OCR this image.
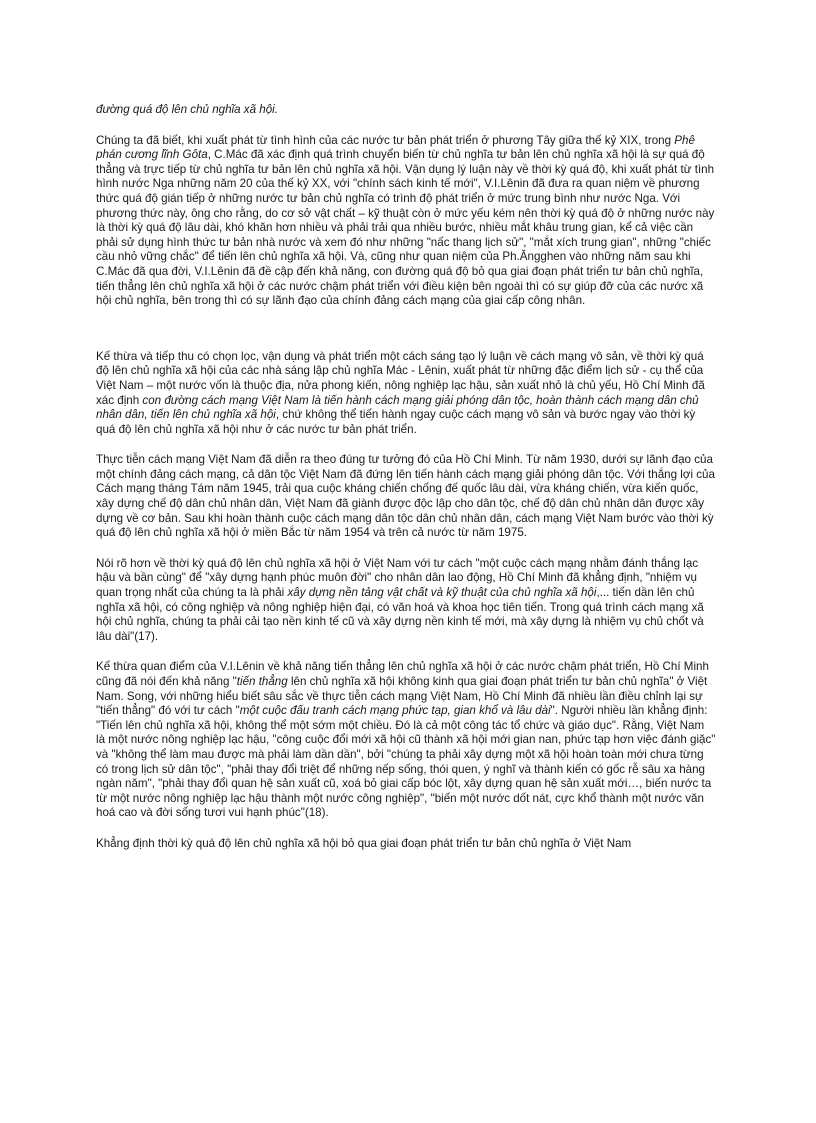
đường quá độ lên chủ nghĩa xã hội.

Chúng ta đã biết, khi xuất phát từ tình hình của các nước tư bản phát triển ở phương Tây giữa thế kỷ XIX, trong Phê phán cương lĩnh Gôta, C.Mác đã xác định quá trình chuyển biến từ chủ nghĩa tư bản lên chủ nghĩa xã hội là sự quá độ thẳng và trực tiếp từ chủ nghĩa tư bản lên chủ nghĩa xã hội. Vận dụng lý luận này về thời kỳ quá độ, khi xuất phát từ tình hình nước Nga những năm 20 của thế kỷ XX, với "chính sách kinh tế mới", V.I.Lênin đã đưa ra quan niệm về phương thức quá độ gián tiếp ở những nước tư bản chủ nghĩa có trình độ phát triển ở mức trung bình như nước Nga. Với phương thức này, ông cho rằng, do cơ sở vật chất – kỹ thuật còn ở mức yếu kém nên thời kỳ quá độ ở những nước này là thời kỳ quá độ lâu dài, khó khăn hơn nhiều và phải trải qua nhiều bước, nhiều mắt khâu trung gian, kể cả việc cần phải sử dụng hình thức tư bản nhà nước và xem đó như những "nấc thang lịch sử", "mắt xích trung gian", những "chiếc cầu nhỏ vững chắc" để tiến lên chủ nghĩa xã hội. Và, cũng như quan niệm của Ph.Ăngghen vào những năm sau khi C.Mác đã qua đời, V.I.Lênin đã đề cập đến khả năng, con đường quá độ bỏ qua giai đoạn phát triển tư bản chủ nghĩa, tiến thẳng lên chủ nghĩa xã hội ở các nước chậm phát triển với điều kiện bên ngoài thì có sự giúp đỡ của các nước xã hội chủ nghĩa, bên trong thì có sự lãnh đạo của chính đảng cách mạng của giai cấp công nhân.

Kế thừa và tiếp thu có chọn lọc, vận dụng và phát triển một cách sáng tạo lý luận về cách mạng vô sản, về thời kỳ quá độ lên chủ nghĩa xã hội của các nhà sáng lập chủ nghĩa Mác - Lênin, xuất phát từ những đặc điểm lịch sử - cụ thể của Việt Nam – một nước vốn là thuộc địa, nửa phong kiến, nông nghiệp lạc hậu, sản xuất nhỏ là chủ yếu, Hồ Chí Minh đã xác định con đường cách mạng Việt Nam là tiến hành cách mạng giải phóng dân tộc, hoàn thành cách mạng dân chủ nhân dân, tiến lên chủ nghĩa xã hội, chứ không thể tiến hành ngay cuộc cách mạng vô sản và bước ngay vào thời kỳ quá độ lên chủ nghĩa xã hội như ở các nước tư bản phát triển.

Thực tiễn cách mạng Việt Nam đã diễn ra theo đúng tư tưởng đó của Hồ Chí Minh. Từ năm 1930, dưới sự lãnh đạo của một chính đảng cách mạng, cả dân tộc Việt Nam đã đứng lên tiến hành cách mạng giải phóng dân tộc. Với thắng lợi của Cách mạng tháng Tám năm 1945, trải qua cuộc kháng chiến chống đế quốc lâu dài, vừa kháng chiến, vừa kiến quốc, xây dựng chế độ dân chủ nhân dân, Việt Nam đã giành được độc lập cho dân tộc, chế độ dân chủ nhân dân được xây dựng về cơ bản. Sau khi hoàn thành cuộc cách mạng dân tộc dân chủ nhân dân, cách mạng Việt Nam bước vào thời kỳ quá độ lên chủ nghĩa xã hội ở miền Bắc từ năm 1954 và trên cả nước từ năm 1975.

Nói rõ hơn về thời kỳ quá độ lên chủ nghĩa xã hội ở Việt Nam với tư cách "một cuộc cách mạng nhằm đánh thắng lạc hậu và bần cùng" để "xây dựng hạnh phúc muôn đời" cho nhân dân lao động, Hồ Chí Minh đã khẳng định, "nhiệm vụ quan trọng nhất của chúng ta là phải xây dựng nền tảng vật chất và kỹ thuật của chủ nghĩa xã hội,... tiến dần lên chủ nghĩa xã hội, có công nghiệp và nông nghiệp hiện đại, có văn hoá và khoa học tiên tiến. Trong quá trình cách mạng xã hội chủ nghĩa, chúng ta phải cải tạo nền kinh tế cũ và xây dựng nền kinh tế mới, mà xây dựng là nhiệm vụ chủ chốt và lâu dài"(17).

Kế thừa quan điểm của V.I.Lênin về khả năng tiến thẳng lên chủ nghĩa xã hội ở các nước chậm phát triển, Hồ Chí Minh cũng đã nói đến khả năng "tiến thẳng lên chủ nghĩa xã hội không kinh qua giai đoạn phát triển tư bản chủ nghĩa" ở Việt Nam. Song, với những hiểu biết sâu sắc về thực tiễn cách mạng Việt Nam, Hồ Chí Minh đã nhiều lần điều chỉnh lại sự "tiến thẳng" đó với tư cách "một cuộc đấu tranh cách mạng phức tạp, gian khổ và lâu dài". Người nhiều lần khẳng định: "Tiến lên chủ nghĩa xã hội, không thể một sớm một chiều. Đó là cả một công tác tổ chức và giáo dục". Rằng, Việt Nam là một nước nông nghiệp lạc hậu, "công cuộc đổi mới xã hội cũ thành xã hội mới gian nan, phức tạp hơn việc đánh giặc" và "không thể làm mau được mà phải làm dần dần", bởi "chúng ta phải xây dựng một xã hội hoàn toàn mới chưa từng có trong lịch sử dân tộc", "phải thay đổi triệt để những nếp sống, thói quen, ý nghĩ và thành kiến có gốc rễ sâu xa hàng ngàn năm", "phải thay đổi quan hệ sản xuất cũ, xoá bỏ giai cấp bóc lột, xây dựng quan hệ sản xuất mới…, biến nước ta từ một nước nông nghiệp lạc hậu thành một nước công nghiệp", "biến một nước dốt nát, cực khổ thành một nước văn hoá cao và đời sống tươi vui hạnh phúc"(18).

Khẳng định thời kỳ quá độ lên chủ nghĩa xã hội bỏ qua giai đoạn phát triển tư bản chủ nghĩa ở Việt Nam
